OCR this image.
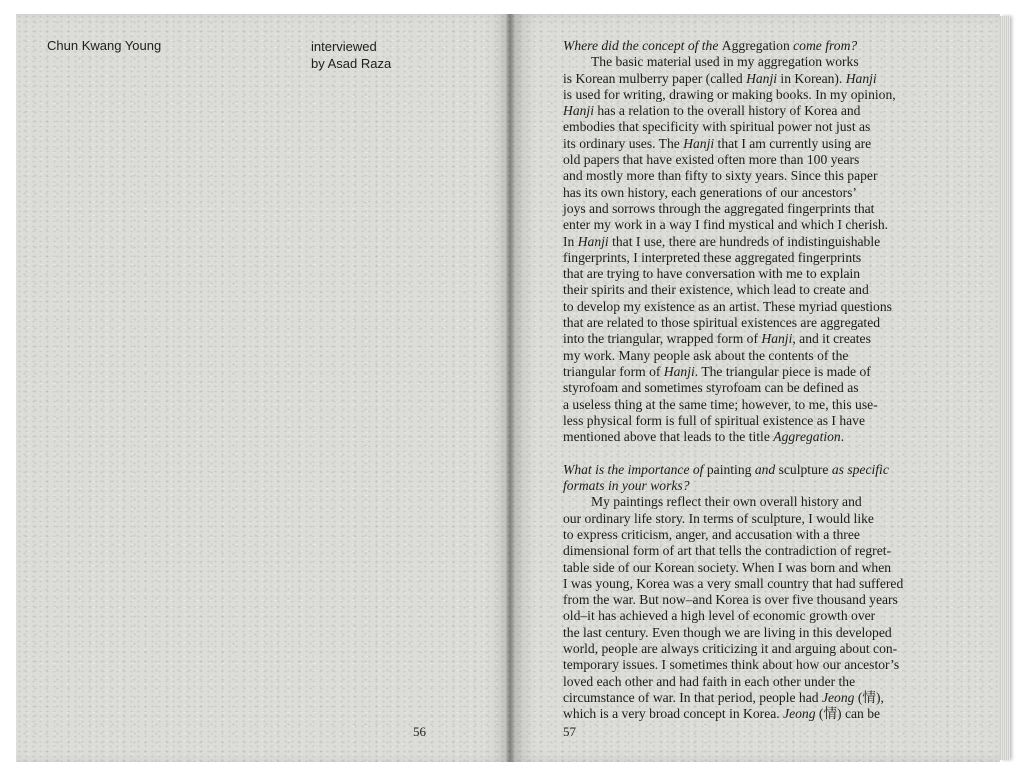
Chun Kwang Young	interviewed
by Asad Raza
56	57
Where did the concept of the Aggregation come from?
The basic material used in my aggregation works
is Korean mulberry paper (called Hanji in Korean). Hanji
is used for writing, drawing or making books. In my opinion,
Hanji has a relation to the overall history of Korea and
embodies that specificity with spiritual power not just as
its ordinary uses. The Hanji that I am currently using are
old papers that have existed often more than 100 years
and mostly more than fifty to sixty years. Since this paper
has its own history, each generations of our ancestors’
joys and sorrows through the aggregated fingerprints that
enter my work in a way I find mystical and which I cherish.
In Hanji that I use, there are hundreds of indistinguishable
fingerprints, I interpreted these aggregated fingerprints
that are trying to have conversation with me to explain
their spirits and their existence, which lead to create and
to develop my existence as an artist. These myriad questions
that are related to those spiritual existences are aggregated
into the triangular, wrapped form of Hanji, and it creates
my work. Many people ask about the contents of the
triangular form of Hanji. The triangular piece is made of
styrofoam and sometimes styrofoam can be defined as
a useless thing at the same time; however, to me, this use-
less physical form is full of spiritual existence as I have
mentioned above that leads to the title Aggregation.
What is the importance of painting and sculpture as specific
formats in your works?
My paintings reflect their own overall history and
our ordinary life story. In terms of sculpture, I would like
to express criticism, anger, and accusation with a three
dimensional form of art that tells the contradiction of regret-
table side of our Korean society. When I was born and when
I was young, Korea was a very small country that had suffered
from the war. But now–and Korea is over five thousand years
old–it has achieved a high level of economic growth over
the last century. Even though we are living in this developed
world, people are always criticizing it and arguing about con-
temporary issues. I sometimes think about how our ancestor’s
loved each other and had faith in each other under the
circumstance of war. In that period, people had Jeong (情),
which is a very broad concept in Korea. Jeong (情) can be
